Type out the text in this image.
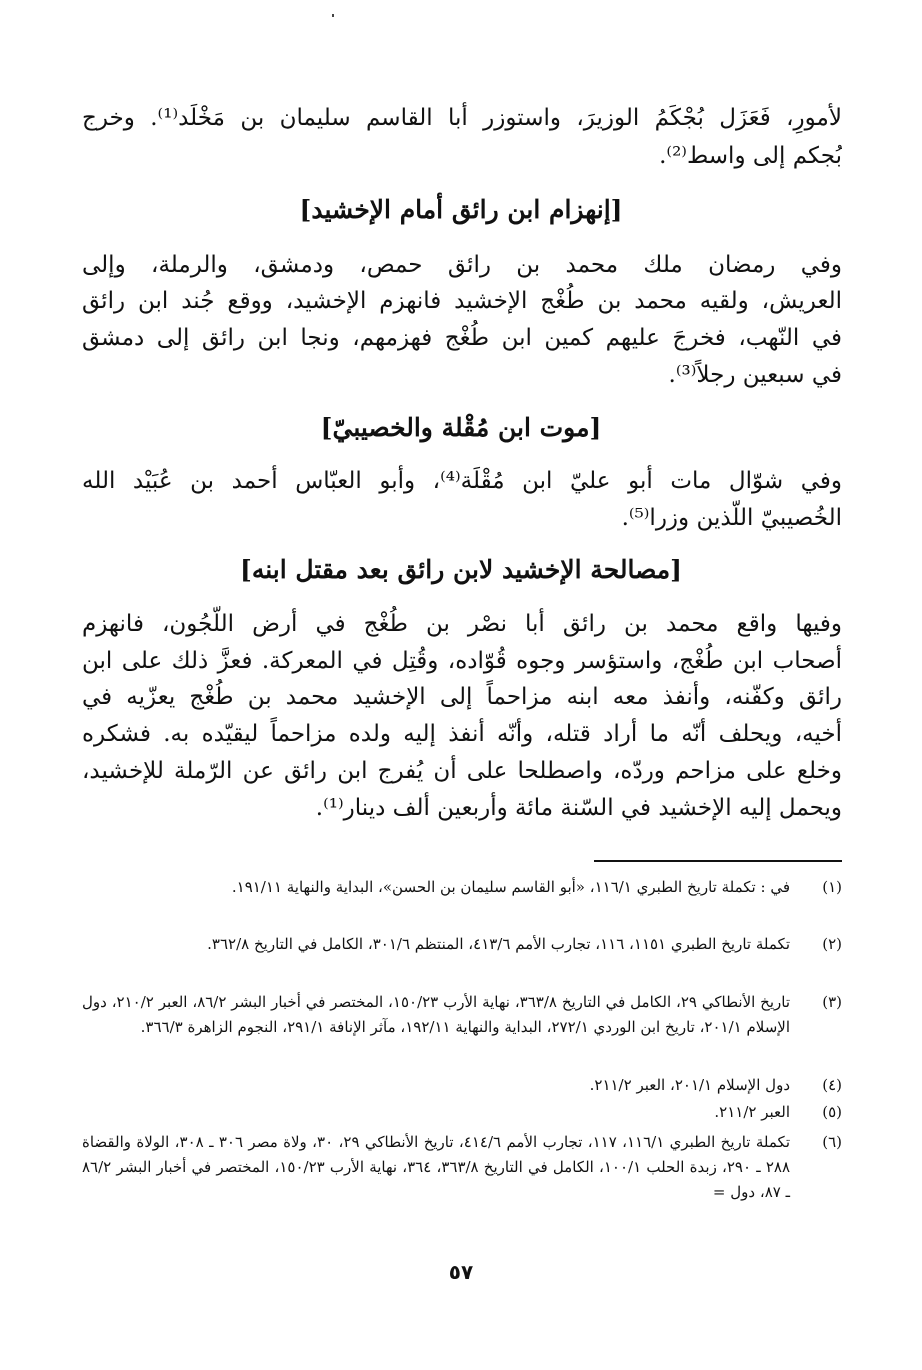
لأمورِ، فَعَزَل بُجْكَمُ الوزيرَ، واستوزر أبا القاسم سليمان بن مَخْلَد⁽¹⁾. وخرج
بُجكم إلى واسط⁽²⁾.
[إنهزام ابن رائق أمام الإخشيد]
وفي رمضان ملك محمد بن رائق حمص، ودمشق، والرملة، وإلى
العريش، ولقيه محمد بن طُغْج الإخشيد فانهزم الإخشيد، ووقع جُند ابن رائق
في النّهب، فخرجَ عليهم كمين ابن طُغْج فهزمهم، ونجا ابن رائق إلى دمشق
في سبعين رجلاً⁽³⁾.
[موت ابن مُقْلة والخصيبيّ]
وفي شوّال مات أبو عليّ ابن مُقْلَة⁽⁴⁾، وأبو العبّاس أحمد بن عُبَيْد الله
الخُصيبيّ اللّذين وزرا⁽⁵⁾.
[مصالحة الإخشيد لابن رائق بعد مقتل ابنه]
وفيها واقع محمد بن رائق أبا نصْر بن طُغْج في أرض اللَّجُون، فانهزم
أصحاب ابن طُغْج، واستؤسر وجوه قُوّاده، وقُتِل في المعركة. فعزَّ ذلك على ابن
رائق وكفّنه، وأنفذ معه ابنه مزاحماً إلى الإخشيد محمد بن طُغْج يعزّيه في
أخيه، ويحلف أنّه ما أراد قتله، وأنّه أنفذ إليه ولده مزاحماً ليقيّده به. فشكره
وخلع على مزاحم وردّه، واصطلحا على أن يُفرج ابن رائق عن الرّملة للإخشيد،
ويحمل إليه الإخشيد في السّنة مائة وأربعين ألف دينار⁽¹⁾.
(١)
في : تكملة تاريخ الطبري ١١٦/١، «أبو القاسم سليمان بن الحسن»، البداية والنهاية ١٩١/١١.
(٢)
تكملة تاريخ الطبري ١١٥١، ١١٦، تجارب الأمم ٤١٣/٦، المنتظم ٣٠١/٦، الكامل في التاريخ ٣٦٢/٨.
(٣)
تاريخ الأنطاكي ٢٩، الكامل في التاريخ ٣٦٣/٨، نهاية الأرب ١٥٠/٢٣، المختصر في أخبار البشر ٨٦/٢، العبر ٢١٠/٢، دول الإسلام ٢٠١/١، تاريخ ابن الوردي ٢٧٢/١، البداية والنهاية ١٩٢/١١، مآثر الإنافة ٢٩١/١، النجوم الزاهرة ٣٦٦/٣.
(٤)
دول الإسلام ٢٠١/١، العبر ٢١١/٢.
(٥)
العبر ٢١١/٢.
(٦)
تكملة تاريخ الطبري ١١٦/١، ١١٧، تجارب الأمم ٤١٤/٦، تاريخ الأنطاكي ٢٩، ٣٠، ولاة مصر ٣٠٦ ـ ٣٠٨، الولاة والقضاة ٢٨٨ ـ ٢٩٠، زبدة الحلب ١٠٠/١، الكامل في التاريخ ٣٦٣/٨، ٣٦٤، نهاية الأرب ١٥٠/٢٣، المختصر في أخبار البشر ٨٦/٢ ـ ٨٧، دول =
٥٧
